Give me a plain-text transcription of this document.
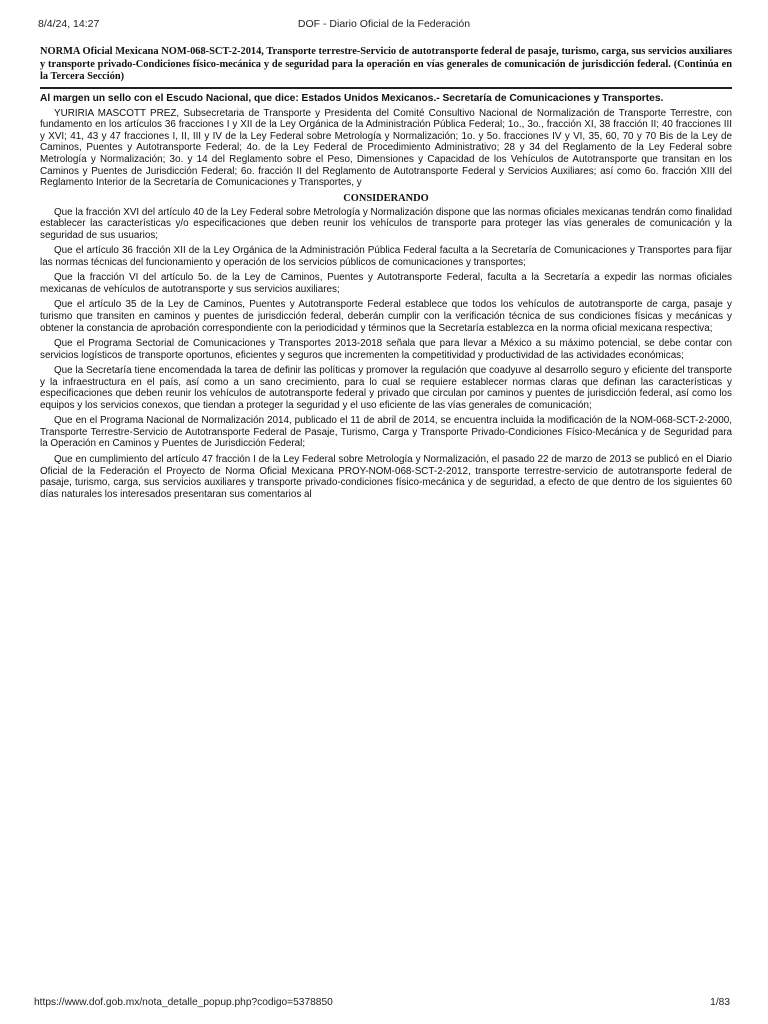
8/4/24, 14:27	DOF - Diario Oficial de la Federación

NORMA Oficial Mexicana NOM-068-SCT-2-2014, Transporte terrestre-Servicio de autotransporte federal de pasaje, turismo, carga, sus servicios auxiliares y transporte privado-Condiciones físico-mecánica y de seguridad para la operación en vías generales de comunicación de jurisdicción federal. (Continúa en la Tercera Sección)

Al margen un sello con el Escudo Nacional, que dice: Estados Unidos Mexicanos.- Secretaría de Comunicaciones y Transportes.

YURIRIA MASCOTT PREZ, Subsecretaria de Transporte y Presidenta del Comité Consultivo Nacional de Normalización de Transporte Terrestre, con fundamento en los artículos 36 fracciones I y XII de la Ley Orgánica de la Administración Pública Federal; 1o., 3o., fracción XI, 38 fracción II; 40 fracciones III y XVI; 41, 43 y 47 fracciones I, II, III y IV de la Ley Federal sobre Metrología y Normalización; 1o. y 5o. fracciones IV y VI, 35, 60, 70 y 70 Bis de la Ley de Caminos, Puentes y Autotransporte Federal; 4o. de la Ley Federal de Procedimiento Administrativo; 28 y 34 del Reglamento de la Ley Federal sobre Metrología y Normalización; 3o. y 14 del Reglamento sobre el Peso, Dimensiones y Capacidad de los Vehículos de Autotransporte que transitan en los Caminos y Puentes de Jurisdicción Federal; 6o. fracción II del Reglamento de Autotransporte Federal y Servicios Auxiliares; así como 6o. fracción XIII del Reglamento Interior de la Secretaría de Comunicaciones y Transportes, y

CONSIDERANDO

Que la fracción XVI del artículo 40 de la Ley Federal sobre Metrología y Normalización dispone que las normas oficiales mexicanas tendrán como finalidad establecer las características y/o especificaciones que deben reunir los vehículos de transporte para proteger las vías generales de comunicación y la seguridad de sus usuarios;

Que el artículo 36 fracción XII de la Ley Orgánica de la Administración Pública Federal faculta a la Secretaría de Comunicaciones y Transportes para fijar las normas técnicas del funcionamiento y operación de los servicios públicos de comunicaciones y transportes;

Que la fracción VI del artículo 5o. de la Ley de Caminos, Puentes y Autotransporte Federal, faculta a la Secretaría a expedir las normas oficiales mexicanas de vehículos de autotransporte y sus servicios auxiliares;

Que el artículo 35 de la Ley de Caminos, Puentes y Autotransporte Federal establece que todos los vehículos de autotransporte de carga, pasaje y turismo que transiten en caminos y puentes de jurisdicción federal, deberán cumplir con la verificación técnica de sus condiciones físicas y mecánicas y obtener la constancia de aprobación correspondiente con la periodicidad y términos que la Secretaría establezca en la norma oficial mexicana respectiva;

Que el Programa Sectorial de Comunicaciones y Transportes 2013-2018 señala que para llevar a México a su máximo potencial, se debe contar con servicios logísticos de transporte oportunos, eficientes y seguros que incrementen la competitividad y productividad de las actividades económicas;

Que la Secretaría tiene encomendada la tarea de definir las políticas y promover la regulación que coadyuve al desarrollo seguro y eficiente del transporte y la infraestructura en el país, así como a un sano crecimiento, para lo cual se requiere establecer normas claras que definan las características y especificaciones que deben reunir los vehículos de autotransporte federal y privado que circulan por caminos y puentes de jurisdicción federal, así como los equipos y los servicios conexos, que tiendan a proteger la seguridad y el uso eficiente de las vías generales de comunicación;

Que en el Programa Nacional de Normalización 2014, publicado el 11 de abril de 2014, se encuentra incluida la modificación de la NOM-068-SCT-2-2000, Transporte Terrestre-Servicio de Autotransporte Federal de Pasaje, Turismo, Carga y Transporte Privado-Condiciones Físico-Mecánica y de Seguridad para la Operación en Caminos y Puentes de Jurisdicción Federal;

Que en cumplimiento del artículo 47 fracción I de la Ley Federal sobre Metrología y Normalización, el pasado 22 de marzo de 2013 se publicó en el Diario Oficial de la Federación el Proyecto de Norma Oficial Mexicana PROY-NOM-068-SCT-2-2012, transporte terrestre-servicio de autotransporte federal de pasaje, turismo, carga, sus servicios auxiliares y transporte privado-condiciones físico-mecánica y de seguridad, a efecto de que dentro de los siguientes 60 días naturales los interesados presentaran sus comentarios al

https://www.dof.gob.mx/nota_detalle_popup.php?codigo=5378850	1/83
